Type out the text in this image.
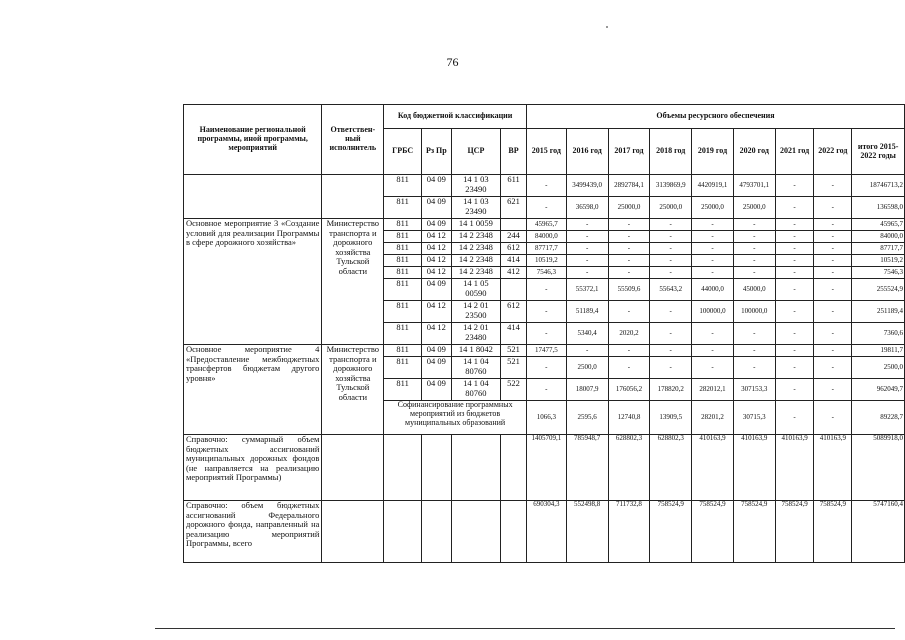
76
Наименование региональной программы, иной программы, мероприятий	Ответствен-ный исполнитель	Код бюджетной классификации				Объемы ресурсного обеспечения								
		ГРБС	Рз Пр	ЦСР	ВР	2015 год	2016 год	2017 год	2018 год	2019 год	2020 год	2021 год	2022 год	итого 2015-2022 годы
		811	04 09	14 1 03 23490	611	-	3499439,0	2892784,1	3139869,9	4420919,1	4793701,1	-	-	18746713,2
		811	04 09	14 1 03 23490	621	-	36598,0	25000,0	25000,0	25000,0	25000,0	-	-	136598,0
Основное мероприятие 3 «Создание условий для реализации Программы в сфере дорожного хозяйства»	Министерство транспорта и дорожного хозяйства Тульской области	811	04 09	14 1 0059		45965,7	-	-	-	-	-	-	-	45965,7
		811	04 12	14 2 2348	244	84000,0	-	-	-	-	-	-	-	84000,0
		811	04 12	14 2 2348	612	87717,7	-	-	-	-	-	-	-	87717,7
		811	04 12	14 2 2348	414	10519,2	-	-	-	-	-	-	-	10519,2
		811	04 12	14 2 2348	412	7546,3	-	-	-	-	-	-	-	7546,3
		811	04 09	14 1 05 00590		-	55372,1	55509,6	55643,2	44000,0	45000,0	-	-	255524,9
		811	04 12	14 2 01 23500	612	-	51189,4	-	-	100000,0	100000,0	-	-	251189,4
		811	04 12	14 2 01 23480	414	-	5340,4	2020,2	-	-	-	-	-	7360,6
Основное мероприятие 4 «Предоставление межбюджетных трансфертов бюджетам другого уровня»	Министерство транспорта и дорожного хозяйства Тульской области	811	04 09	14 1 8042	521	17477,5	-	-	-	-	-	-	-	19811,7
		811	04 09	14 1 04 80760	521	-	2500,0	-	-	-	-	-	-	2500,0
		811	04 09	14 1 04 80760	522	-	18007,9	176056,2	178820,2	282012,1	307153,3	-	-	962049,7
		Софинансирование программных мероприятий из бюджетов муниципальных образований				1066,3	2595,6	12740,8	13909,5	28201,2	30715,3	-	-	89228,7
Справочно: суммарный объем бюджетных ассигнований муниципальных дорожных фондов (не направляется на реализацию мероприятий Программы)						1405709,1	785948,7	628802,3	628802,3	410163,9	410163,9	410163,9	410163,9	5089918,0
Справочно: объем бюджетных ассигнований Федерального дорожного фонда, направленный на реализацию мероприятий Программы, всего						690304,3	552498,8	711732,8	758524,9	758524,9	758524,9	758524,9	758524,9	5747160,4
